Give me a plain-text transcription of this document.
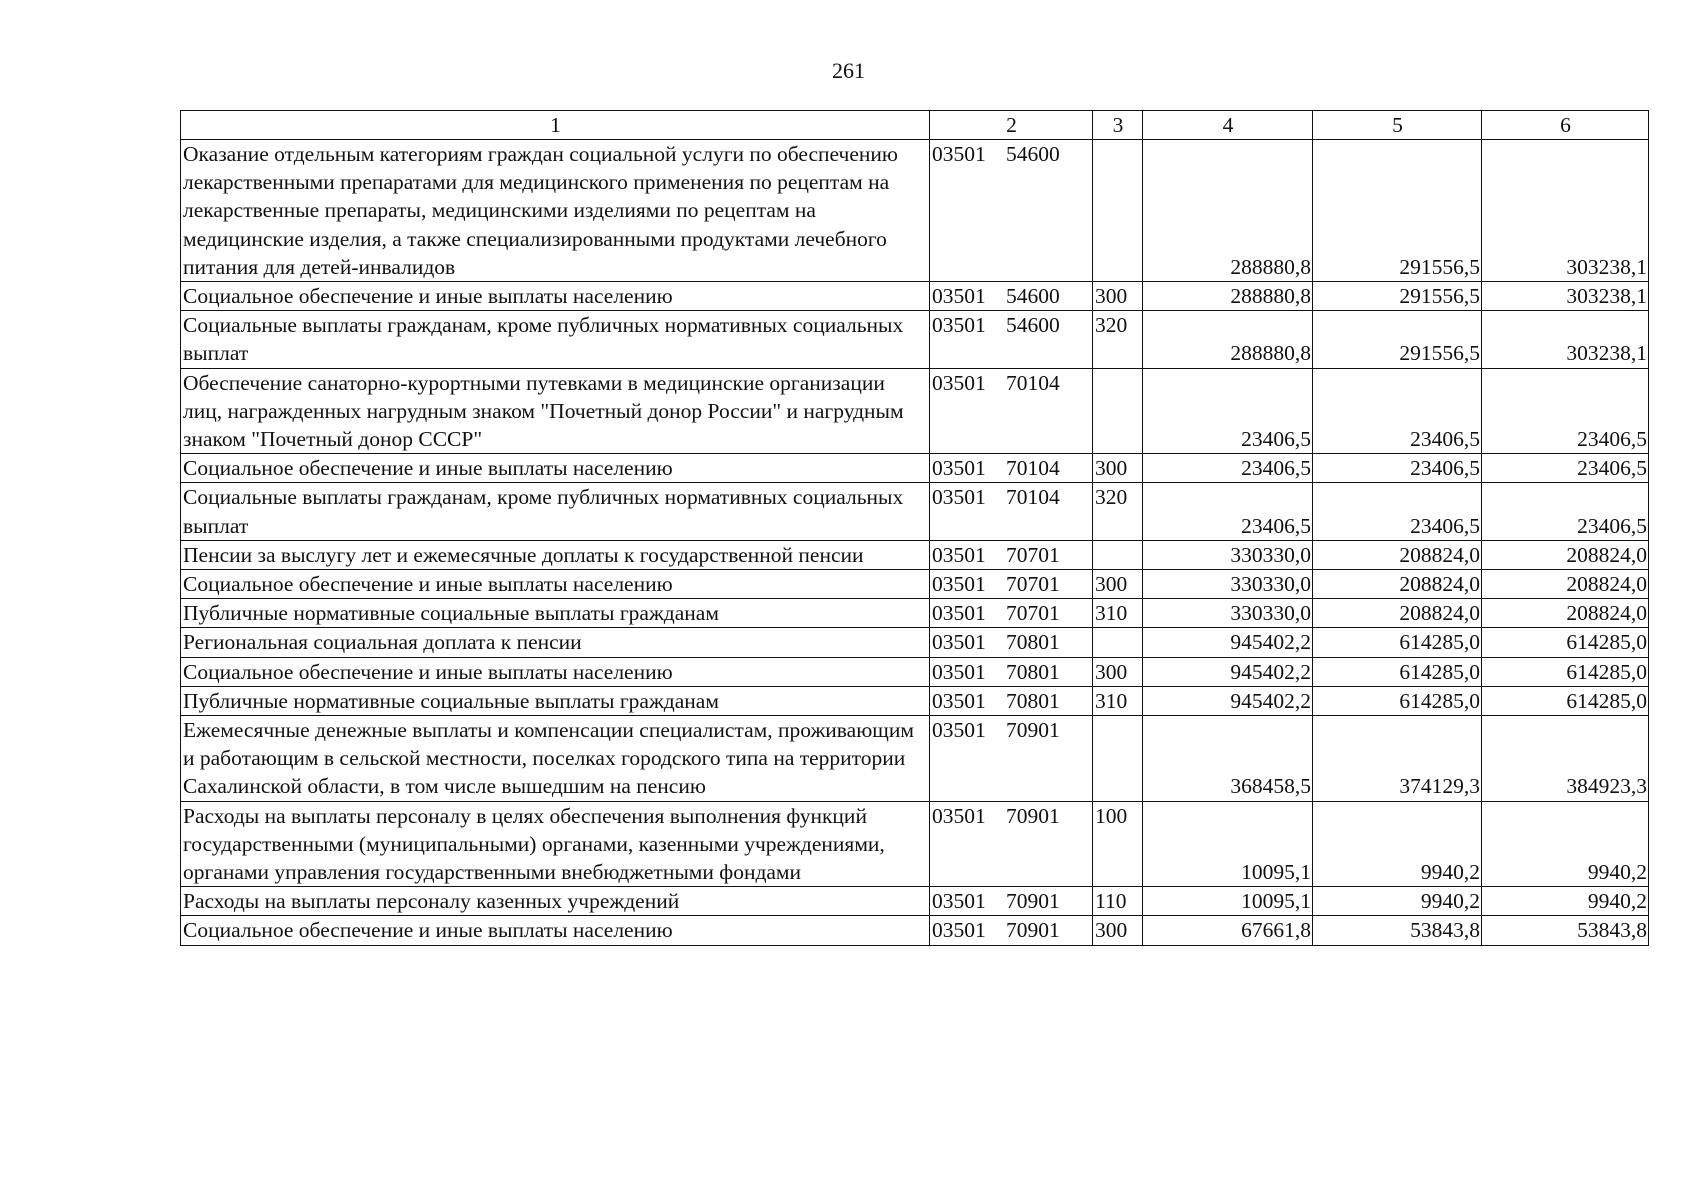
261
1	2	3	4	5	6
Оказание отдельным категориям граждан социальной услуги по обеспечению лекарственными препаратами для медицинского применения по рецептам на лекарственные препараты, медицинскими изделиями по рецептам на медицинские изделия, а также специализированными продуктами лечебного питания для детей-инвалидов	03501 54600		288880,8	291556,5	303238,1
Социальное обеспечение и иные выплаты населению	03501 54600	300	288880,8	291556,5	303238,1
Социальные выплаты гражданам, кроме публичных нормативных социальных выплат	03501 54600	320	288880,8	291556,5	303238,1
Обеспечение санаторно-курортными путевками в медицинские организации лиц, награжденных нагрудным знаком "Почетный донор России" и нагрудным знаком "Почетный донор СССР"	03501 70104		23406,5	23406,5	23406,5
Социальное обеспечение и иные выплаты населению	03501 70104	300	23406,5	23406,5	23406,5
Социальные выплаты гражданам, кроме публичных нормативных социальных выплат	03501 70104	320	23406,5	23406,5	23406,5
Пенсии за выслугу лет и ежемесячные доплаты к государственной пенсии	03501 70701		330330,0	208824,0	208824,0
Социальное обеспечение и иные выплаты населению	03501 70701	300	330330,0	208824,0	208824,0
Публичные нормативные социальные выплаты гражданам	03501 70701	310	330330,0	208824,0	208824,0
Региональная социальная доплата к пенсии	03501 70801		945402,2	614285,0	614285,0
Социальное обеспечение и иные выплаты населению	03501 70801	300	945402,2	614285,0	614285,0
Публичные нормативные социальные выплаты гражданам	03501 70801	310	945402,2	614285,0	614285,0
Ежемесячные денежные выплаты и компенсации специалистам, проживающим и работающим в сельской местности, поселках городского типа на территории Сахалинской области, в том числе вышедшим на пенсию	03501 70901		368458,5	374129,3	384923,3
Расходы на выплаты персоналу в целях обеспечения выполнения функций государственными (муниципальными) органами, казенными учреждениями, органами управления государственными внебюджетными фондами	03501 70901	100	10095,1	9940,2	9940,2
Расходы на выплаты персоналу казенных учреждений	03501 70901	110	10095,1	9940,2	9940,2
Социальное обеспечение и иные выплаты населению	03501 70901	300	67661,8	53843,8	53843,8
